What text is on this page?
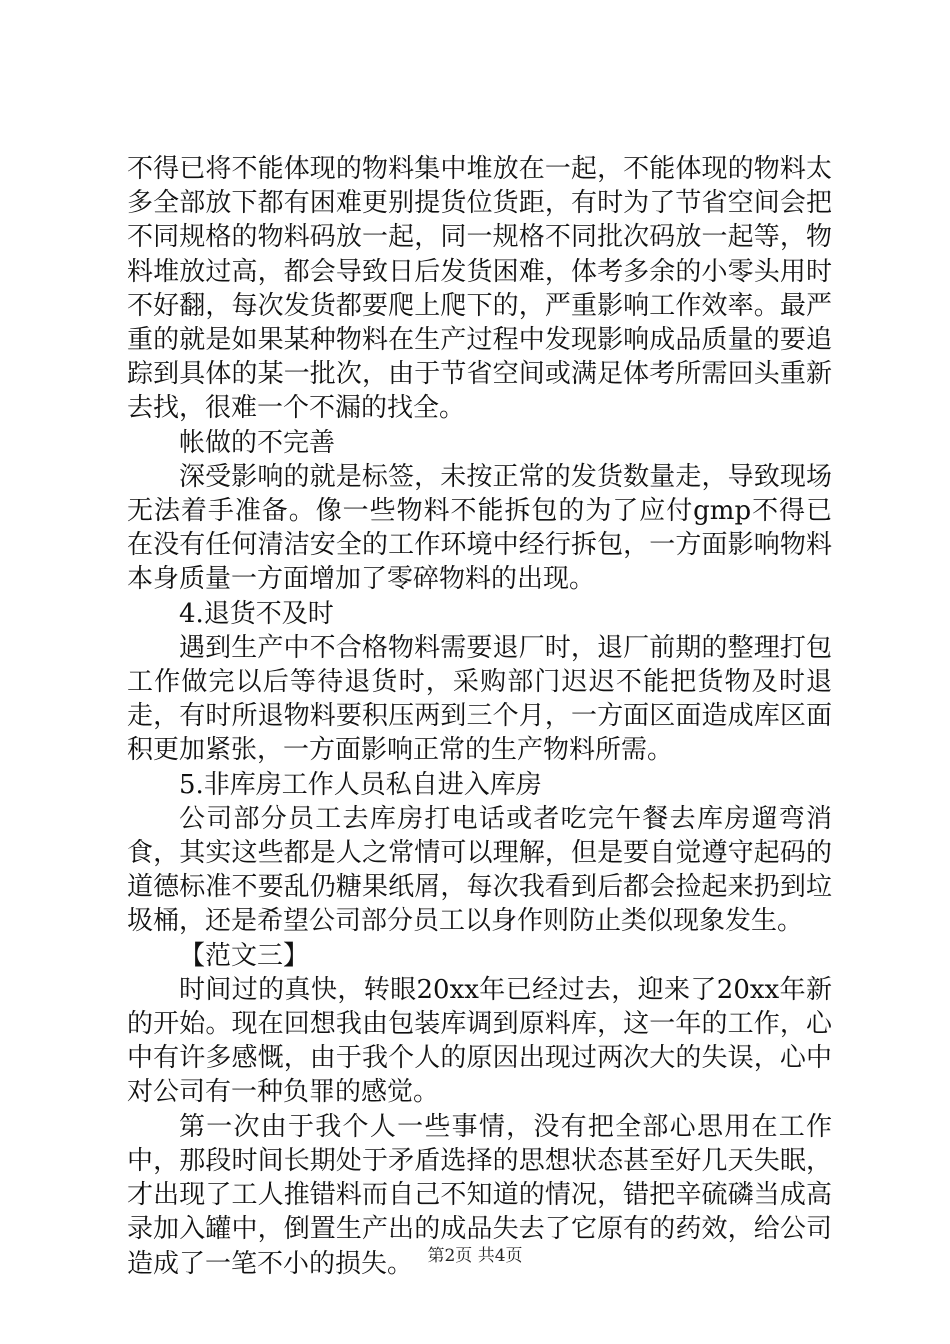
不得已将不能体现的物料集中堆放在一起，不能体现的物料太多全部放下都有困难更别提货位货距，有时为了节省空间会把不同规格的物料码放一起，同一规格不同批次码放一起等，物料堆放过高，都会导致日后发货困难，体考多余的小零头用时不好翻，每次发货都要爬上爬下的，严重影响工作效率。最严重的就是如果某种物料在生产过程中发现影响成品质量的要追踪到具体的某一批次，由于节省空间或满足体考所需回头重新去找，很难一个不漏的找全。

帐做的不完善

深受影响的就是标签，未按正常的发货数量走，导致现场无法着手准备。像一些物料不能拆包的为了应付gmp不得已在没有任何清洁安全的工作环境中经行拆包，一方面影响物料本身质量一方面增加了零碎物料的出现。

4.退货不及时

遇到生产中不合格物料需要退厂时，退厂前期的整理打包工作做完以后等待退货时，采购部门迟迟不能把货物及时退走，有时所退物料要积压两到三个月，一方面区面造成库区面积更加紧张，一方面影响正常的生产物料所需。

5.非库房工作人员私自进入库房

公司部分员工去库房打电话或者吃完午餐去库房遛弯消食，其实这些都是人之常情可以理解，但是要自觉遵守起码的道德标准不要乱仍糖果纸屑，每次我看到后都会捡起来扔到垃圾桶，还是希望公司部分员工以身作则防止类似现象发生。

【范文三】

时间过的真快，转眼20xx年已经过去，迎来了20xx年新的开始。现在回想我由包装库调到原料库，这一年的工作，心中有许多感慨，由于我个人的原因出现过两次大的失误，心中对公司有一种负罪的感觉。

第一次由于我个人一些事情，没有把全部心思用在工作中，那段时间长期处于矛盾选择的思想状态甚至好几天失眠，才出现了工人推错料而自己不知道的情况，错把辛硫磷当成高录加入罐中，倒置生产出的成品失去了它原有的药效，给公司造成了一笔不小的损失。 第2页 共4页
